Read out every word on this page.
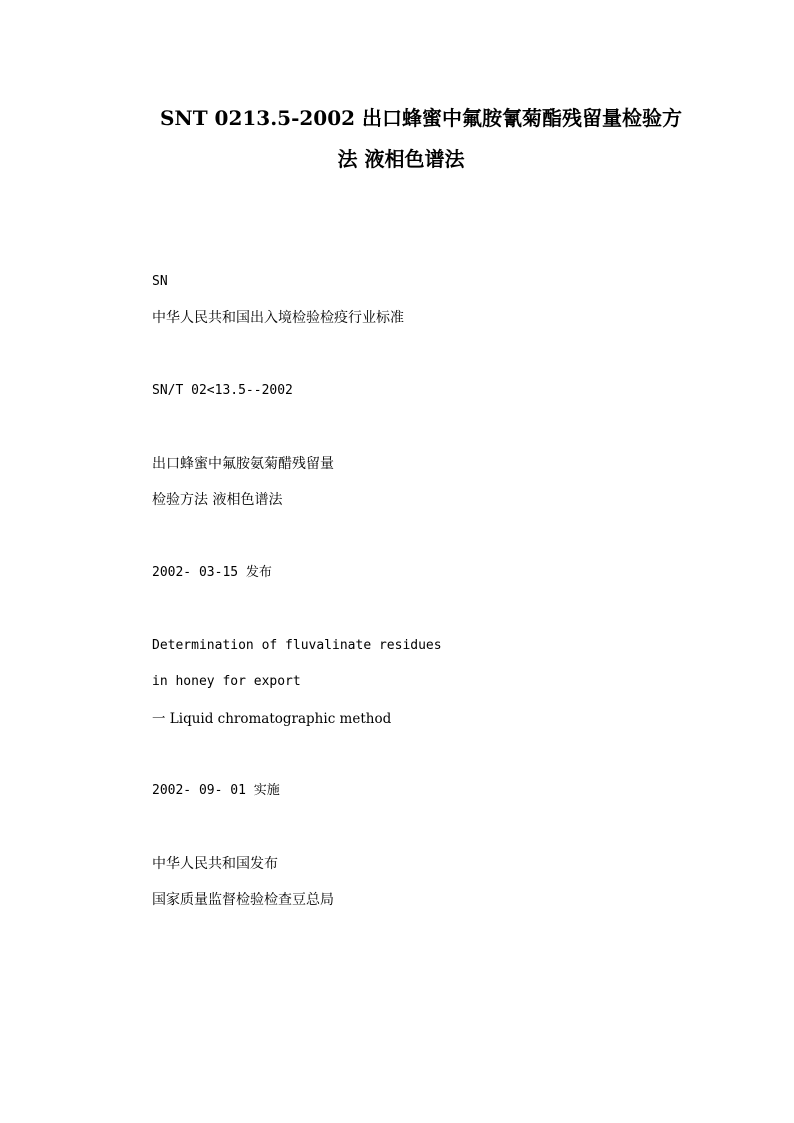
SNT 0213.5-2002 出口蜂蜜中氟胺氰菊酯残留量检验方
法 液相色谱法
SN
中华人民共和国出入境检验检疫行业标准
SN/T 02<13.5--2002
出口蜂蜜中氟胺氨菊醋残留量
检验方法 液相色谱法
2002- 03-15 发布
Determination of fluvalinate residues
in honey for export
一 Liquid chromatographic method
2002- 09- 01 实施
中华人民共和国发布
国家质量监督检验检查豆总局
